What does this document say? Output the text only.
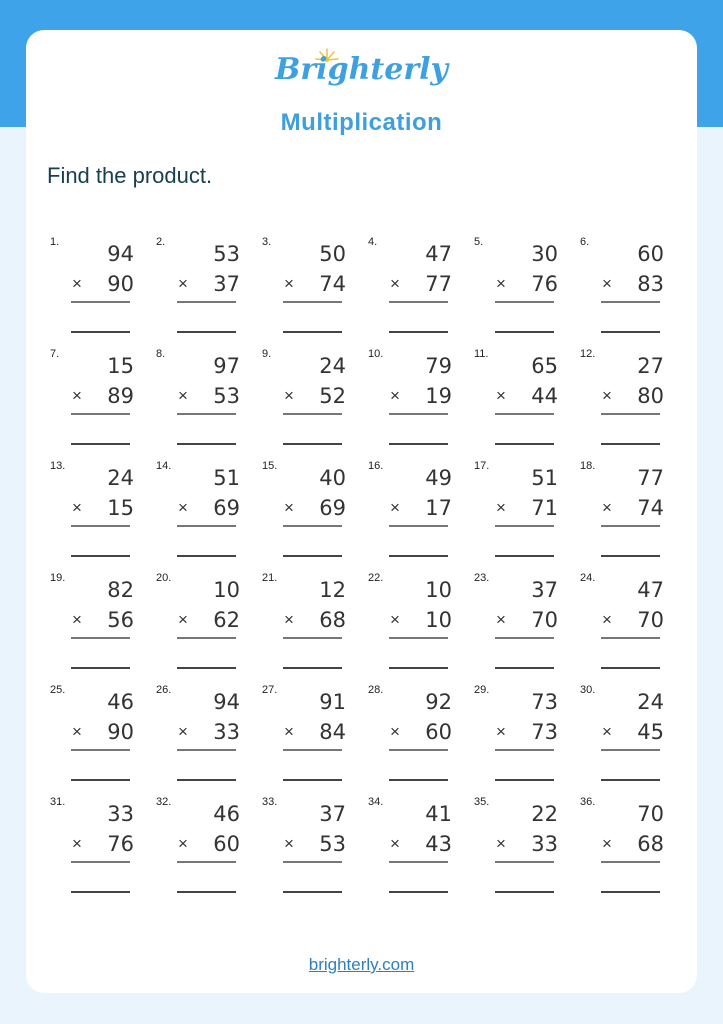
Brighterly
Multiplication
Find the product.
1. 94
× 90
2. 53
× 37
3. 50
× 74
4. 47
× 77
5. 30
× 76
6. 60
× 83
7. 15
× 89
8. 97
× 53
9. 24
× 52
10. 79
× 19
11. 65
× 44
12. 27
× 80
13. 24
× 15
14. 51
× 69
15. 40
× 69
16. 49
× 17
17. 51
× 71
18. 77
× 74
19. 82
× 56
20. 10
× 62
21. 12
× 68
22. 10
× 10
23. 37
× 70
24. 47
× 70
25. 46
× 90
26. 94
× 33
27. 91
× 84
28. 92
× 60
29. 73
× 73
30. 24
× 45
31. 33
× 76
32. 46
× 60
33. 37
× 53
34. 41
× 43
35. 22
× 33
36. 70
× 68
brighterly.com
